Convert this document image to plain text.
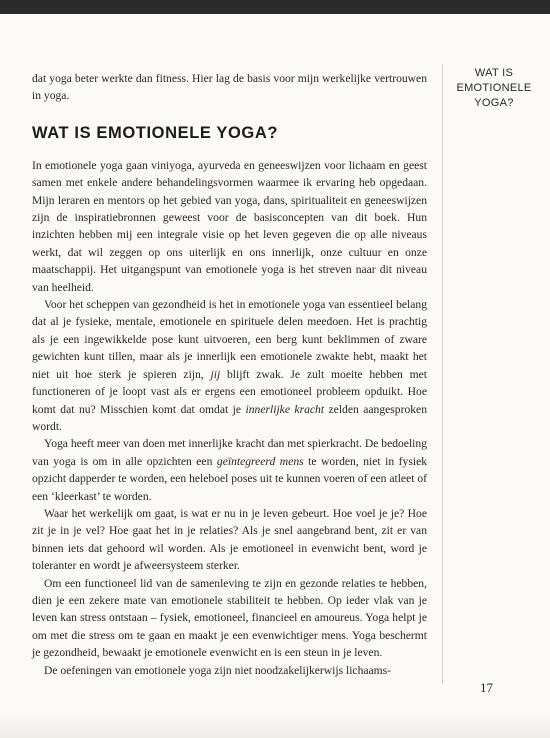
WAT IS
EMOTIONELE
YOGA?

dat yoga beter werkte dan fitness. Hier lag de basis voor mijn werkelijke vertrouwen in yoga.

WAT IS EMOTIONELE YOGA?

In emotionele yoga gaan viniyoga, ayurveda en geneeswijzen voor lichaam en geest samen met enkele andere behandelingsvormen waarmee ik ervaring heb opgedaan. Mijn leraren en mentors op het gebied van yoga, dans, spiritualiteit en geneeswijzen zijn de inspiratiebronnen geweest voor de basisconcepten van dit boek. Hun inzichten hebben mij een integrale visie op het leven gegeven die op alle niveaus werkt, dat wil zeggen op ons uiterlijk en ons innerlijk, onze cultuur en onze maatschappij. Het uitgangspunt van emotionele yoga is het streven naar dit niveau van heelheid.

Voor het scheppen van gezondheid is het in emotionele yoga van essentieel belang dat al je fysieke, mentale, emotionele en spirituele delen meedoen. Het is prachtig als je een ingewikkelde pose kunt uitvoeren, een berg kunt beklimmen of zware gewichten kunt tillen, maar als je innerlijk een emotionele zwakte hebt, maakt het niet uit hoe sterk je spieren zijn, jij blijft zwak. Je zult moeite hebben met functioneren of je loopt vast als er ergens een emotioneel probleem opduikt. Hoe komt dat nu? Misschien komt dat omdat je innerlijke kracht zelden aangesproken wordt.

Yoga heeft meer van doen met innerlijke kracht dan met spierkracht. De bedoeling van yoga is om in alle opzichten een geïntegreerd mens te worden, niet in fysiek opzicht dapperder te worden, een heleboel poses uit te kunnen voeren of een atleet of een ‘kleerkast’ te worden.

Waar het werkelijk om gaat, is wat er nu in je leven gebeurt. Hoe voel je je? Hoe zit je in je vel? Hoe gaat het in je relaties? Als je snel aangebrand bent, zit er van binnen iets dat gehoord wil worden. Als je emotioneel in evenwicht bent, word je toleranter en wordt je afweersysteem sterker.

Om een functioneel lid van de samenleving te zijn en gezonde relaties te hebben, dien je een zekere mate van emotionele stabiliteit te hebben. Op ieder vlak van je leven kan stress ontstaan – fysiek, emotioneel, financieel en amoureus. Yoga helpt je om met die stress om te gaan en maakt je een evenwichtiger mens. Yoga beschermt je gezondheid, bewaakt je emotionele evenwicht en is een steun in je leven.

De oefeningen van emotionele yoga zijn niet noodzakelijkerwijs lichaams-

17
